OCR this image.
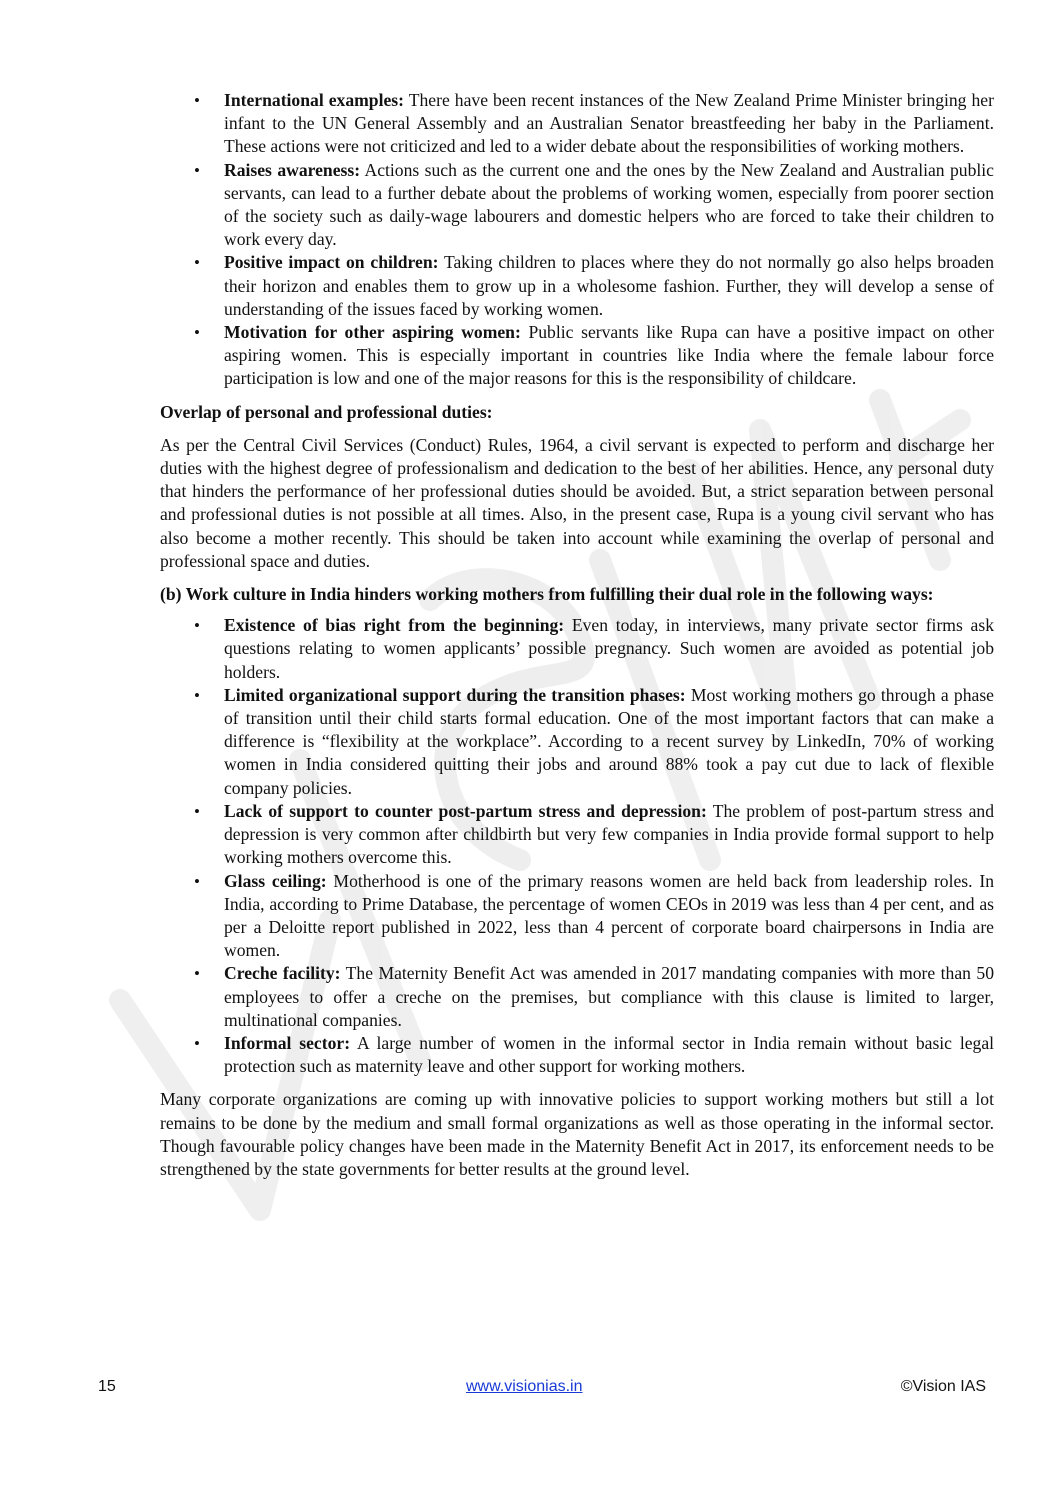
• International examples: There have been recent instances of the New Zealand Prime Minister bringing her infant to the UN General Assembly and an Australian Senator breastfeeding her baby in the Parliament. These actions were not criticized and led to a wider debate about the responsibilities of working mothers.
• Raises awareness: Actions such as the current one and the ones by the New Zealand and Australian public servants, can lead to a further debate about the problems of working women, especially from poorer section of the society such as daily-wage labourers and domestic helpers who are forced to take their children to work every day.
• Positive impact on children: Taking children to places where they do not normally go also helps broaden their horizon and enables them to grow up in a wholesome fashion. Further, they will develop a sense of understanding of the issues faced by working women.
• Motivation for other aspiring women: Public servants like Rupa can have a positive impact on other aspiring women. This is especially important in countries like India where the female labour force participation is low and one of the major reasons for this is the responsibility of childcare.

Overlap of personal and professional duties:

As per the Central Civil Services (Conduct) Rules, 1964, a civil servant is expected to perform and discharge her duties with the highest degree of professionalism and dedication to the best of her abilities. Hence, any personal duty that hinders the performance of her professional duties should be avoided. But, a strict separation between personal and professional duties is not possible at all times. Also, in the present case, Rupa is a young civil servant who has also become a mother recently. This should be taken into account while examining the overlap of personal and professional space and duties.

(b) Work culture in India hinders working mothers from fulfilling their dual role in the following ways:

• Existence of bias right from the beginning: Even today, in interviews, many private sector firms ask questions relating to women applicants’ possible pregnancy. Such women are avoided as potential job holders.
• Limited organizational support during the transition phases: Most working mothers go through a phase of transition until their child starts formal education. One of the most important factors that can make a difference is “flexibility at the workplace”. According to a recent survey by LinkedIn, 70% of working women in India considered quitting their jobs and around 88% took a pay cut due to lack of flexible company policies.
• Lack of support to counter post-partum stress and depression: The problem of post-partum stress and depression is very common after childbirth but very few companies in India provide formal support to help working mothers overcome this.
• Glass ceiling: Motherhood is one of the primary reasons women are held back from leadership roles. In India, according to Prime Database, the percentage of women CEOs in 2019 was less than 4 per cent, and as per a Deloitte report published in 2022, less than 4 percent of corporate board chairpersons in India are women.
• Creche facility: The Maternity Benefit Act was amended in 2017 mandating companies with more than 50 employees to offer a creche on the premises, but compliance with this clause is limited to larger, multinational companies.
• Informal sector: A large number of women in the informal sector in India remain without basic legal protection such as maternity leave and other support for working mothers.

Many corporate organizations are coming up with innovative policies to support working mothers but still a lot remains to be done by the medium and small formal organizations as well as those operating in the informal sector. Though favourable policy changes have been made in the Maternity Benefit Act in 2017, its enforcement needs to be strengthened by the state governments for better results at the ground level.

15	www.visionias.in	©Vision IAS
